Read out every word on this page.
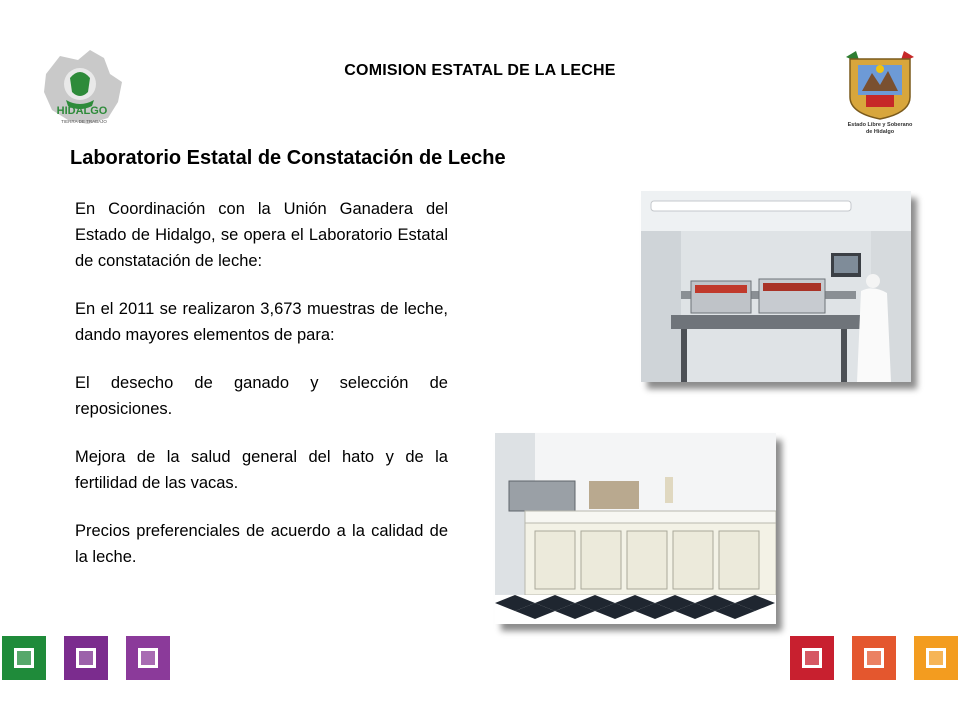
HIDALGO
TIERRA DE TRABAJO
COMISION ESTATAL DE LA LECHE
Estado Libre y Soberano
de Hidalgo
Laboratorio Estatal de Constatación de Leche

En Coordinación con la Unión Ganadera del Estado de Hidalgo, se opera el Laboratorio Estatal de constatación de leche:

En el 2011 se realizaron 3,673 muestras de leche, dando mayores elementos de para:

El desecho de ganado y selección de reposiciones.

Mejora de la salud general del hato y de la fertilidad de las vacas.

Precios preferenciales de acuerdo a la calidad de la leche.
